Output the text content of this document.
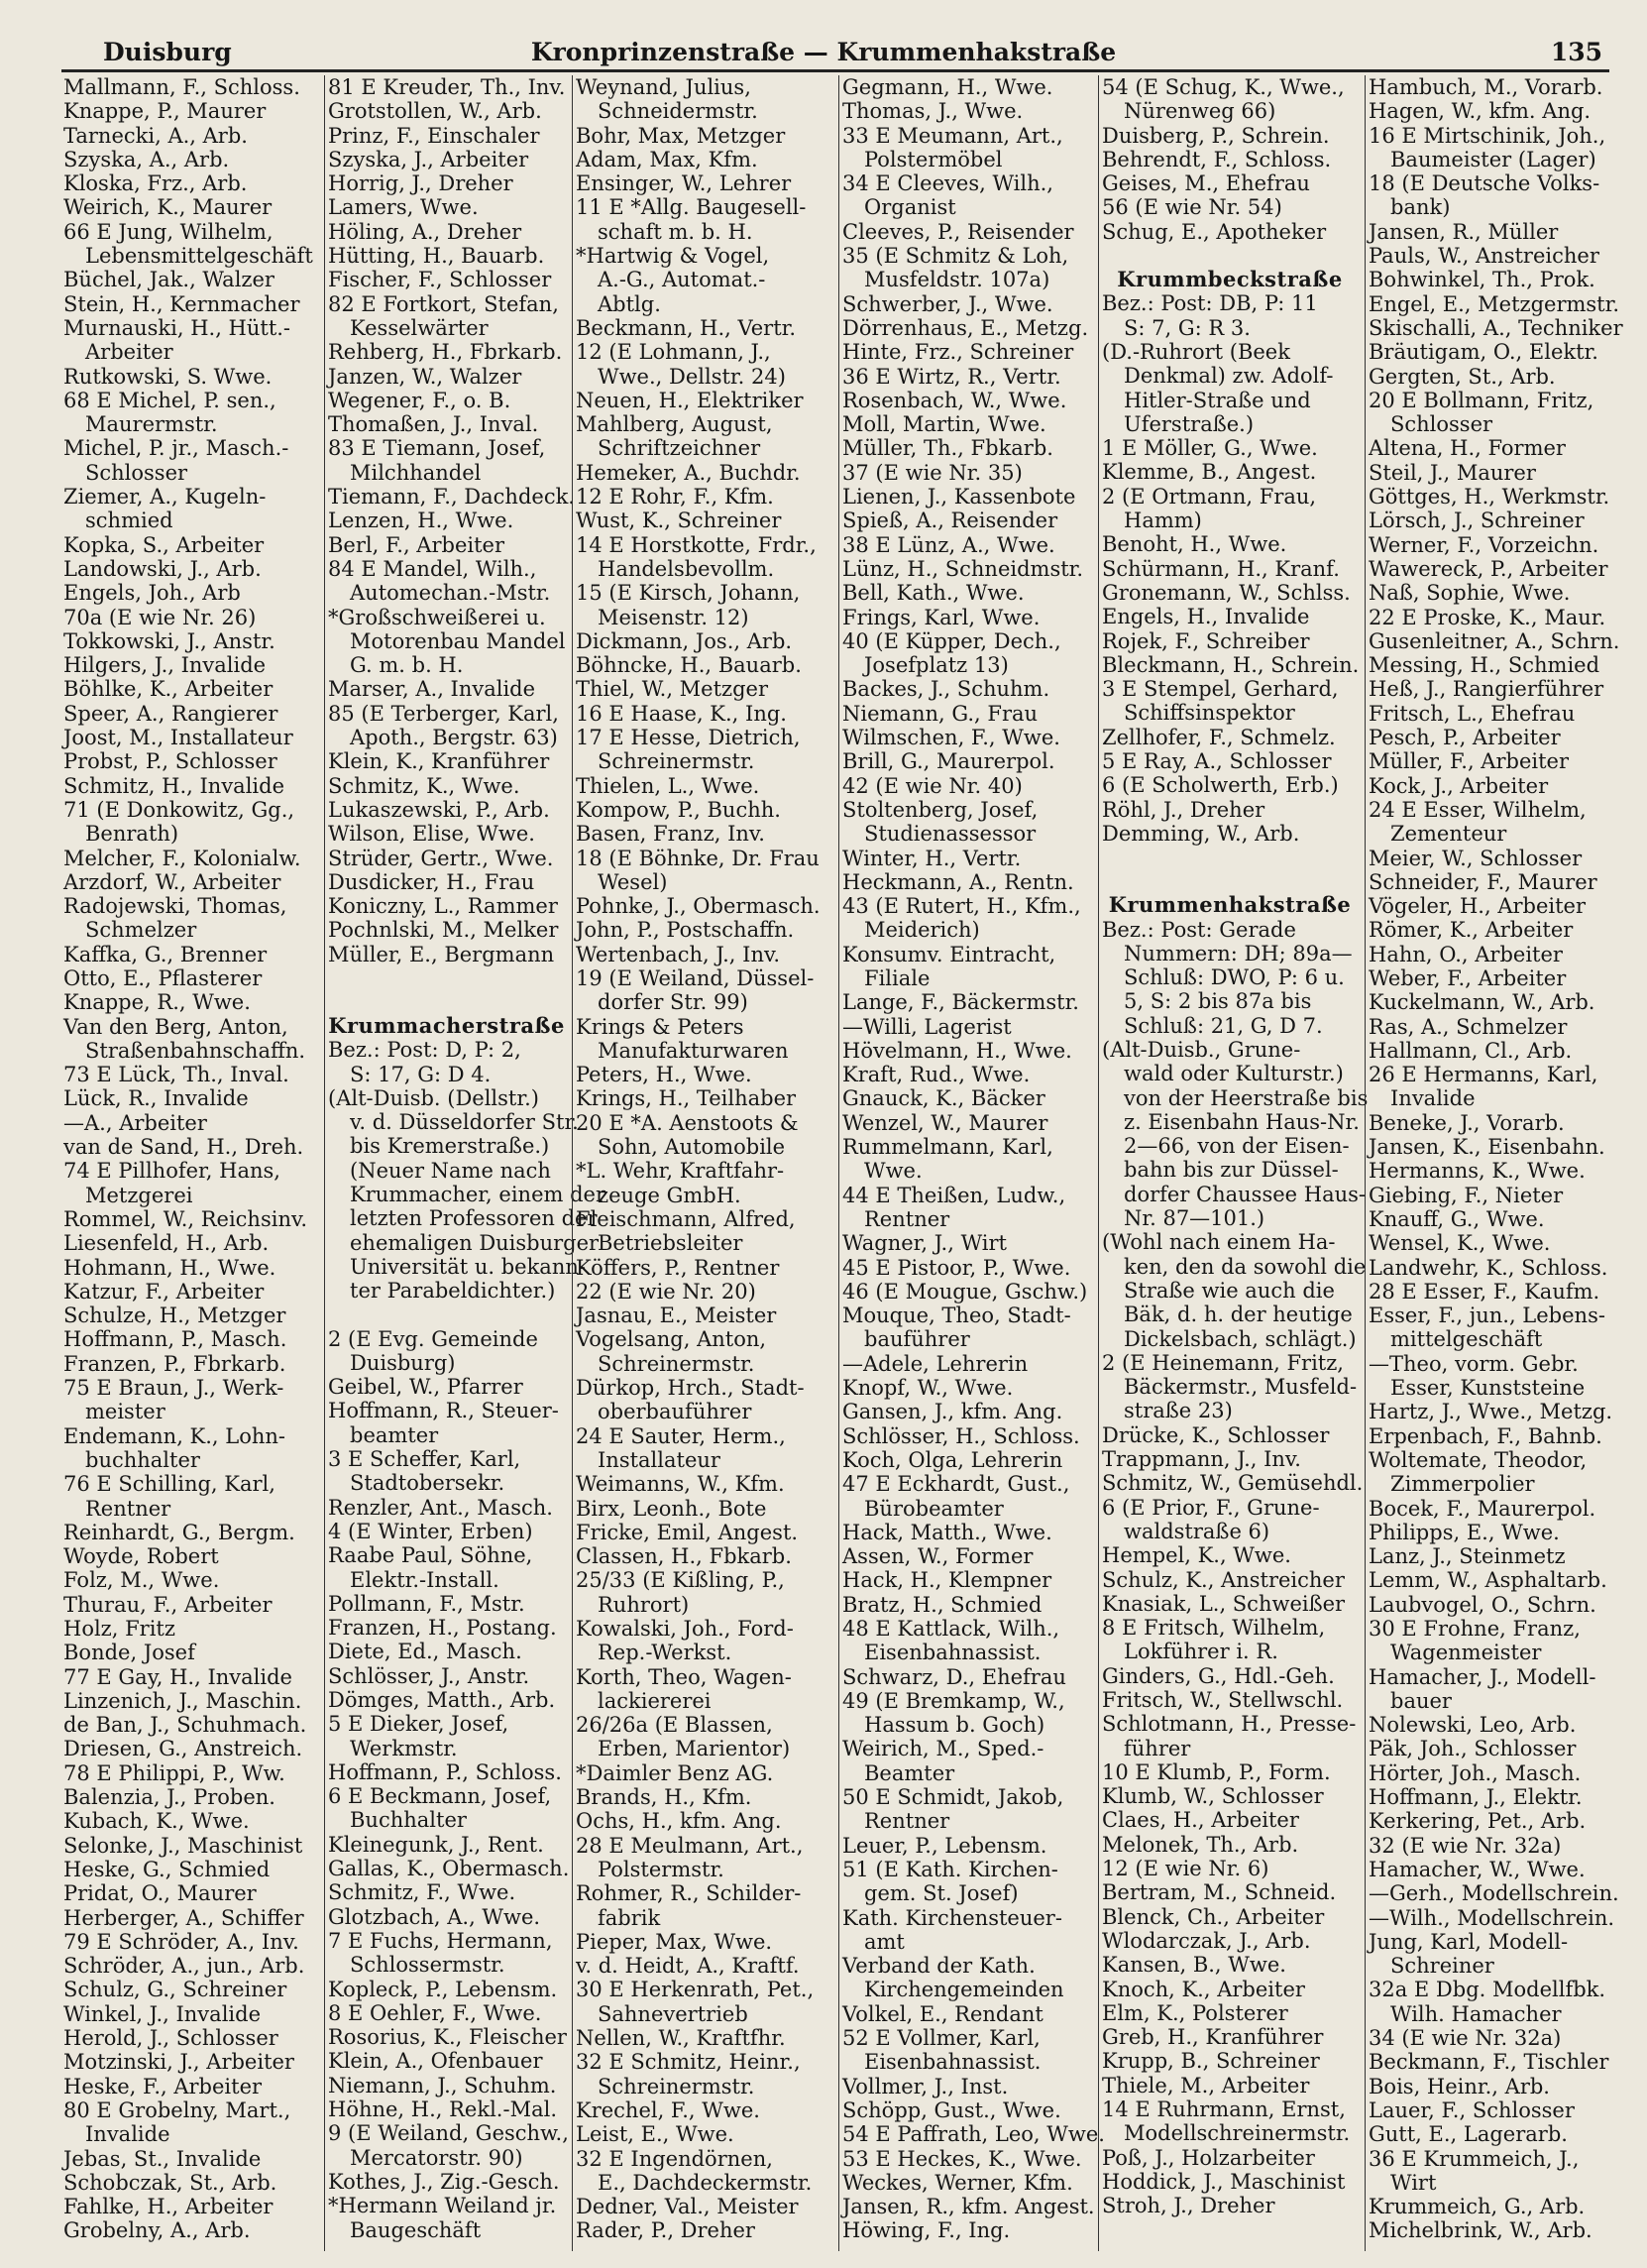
Duisburg	Kronprinzenstraße — Krummenhakstraße	135
Mallmann, F., Schloss.
Knappe, P., Maurer
Tarnecki, A., Arb.
Szyska, A., Arb.
Kloska, Frz., Arb.
Weirich, K., Maurer
66 E Jung, Wilhelm,
Lebensmittelgeschäft
Büchel, Jak., Walzer
Stein, H., Kernmacher
Murnauski, H., Hütt.-
Arbeiter
Rutkowski, S. Wwe.
68 E Michel, P. sen.,
Maurermstr.
Michel, P. jr., Masch.-
Schlosser
Ziemer, A., Kugeln-
schmied
Kopka, S., Arbeiter
Landowski, J., Arb.
Engels, Joh., Arb
70a (E wie Nr. 26)
Tokkowski, J., Anstr.
Hilgers, J., Invalide
Böhlke, K., Arbeiter
Speer, A., Rangierer
Joost, M., Installateur
Probst, P., Schlosser
Schmitz, H., Invalide
71 (E Donkowitz, Gg.,
Benrath)
Melcher, F., Kolonialw.
Arzdorf, W., Arbeiter
Radojewski, Thomas,
Schmelzer
Kaffka, G., Brenner
Otto, E., Pflasterer
Knappe, R., Wwe.
Van den Berg, Anton,
Straßenbahnschaffn.
73 E Lück, Th., Inval.
Lück, R., Invalide
—A., Arbeiter
van de Sand, H., Dreh.
74 E Pillhofer, Hans,
Metzgerei
Rommel, W., Reichsinv.
Liesenfeld, H., Arb.
Hohmann, H., Wwe.
Katzur, F., Arbeiter
Schulze, H., Metzger
Hoffmann, P., Masch.
Franzen, P., Fbrkarb.
75 E Braun, J., Werk-
meister
Endemann, K., Lohn-
buchhalter
76 E Schilling, Karl,
Rentner
Reinhardt, G., Bergm.
Woyde, Robert
Folz, M., Wwe.
Thurau, F., Arbeiter
Holz, Fritz
Bonde, Josef
77 E Gay, H., Invalide
Linzenich, J., Maschin.
de Ban, J., Schuhmach.
Driesen, G., Anstreich.
78 E Philippi, P., Ww.
Balenzia, J., Proben.
Kubach, K., Wwe.
Selonke, J., Maschinist
Heske, G., Schmied
Pridat, O., Maurer
Herberger, A., Schiffer
79 E Schröder, A., Inv.
Schröder, A., jun., Arb.
Schulz, G., Schreiner
Winkel, J., Invalide
Herold, J., Schlosser
Motzinski, J., Arbeiter
Heske, F., Arbeiter
80 E Grobelny, Mart.,
Invalide
Jebas, St., Invalide
Schobczak, St., Arb.
Fahlke, H., Arbeiter
Grobelny, A., Arb.
81 E Kreuder, Th., Inv.
Grotstollen, W., Arb.
Prinz, F., Einschaler
Szyska, J., Arbeiter
Horrig, J., Dreher
Lamers, Wwe.
Höling, A., Dreher
Hütting, H., Bauarb.
Fischer, F., Schlosser
82 E Fortkort, Stefan,
Kesselwärter
Rehberg, H., Fbrkarb.
Janzen, W., Walzer
Wegener, F., o. B.
Thomaßen, J., Inval.
83 E Tiemann, Josef,
Milchhandel
Tiemann, F., Dachdeck.
Lenzen, H., Wwe.
Berl, F., Arbeiter
84 E Mandel, Wilh.,
Automechan.-Mstr.
*Großschweißerei u.
Motorenbau Mandel
G. m. b. H.
Marser, A., Invalide
85 (E Terberger, Karl,
Apoth., Bergstr. 63)
Klein, K., Kranführer
Schmitz, K., Wwe.
Lukaszewski, P., Arb.
Wilson, Elise, Wwe.
Strüder, Gertr., Wwe.
Dusdicker, H., Frau
Koniczny, L., Rammer
Pochnlski, M., Melker
Müller, E., Bergmann
Krummacherstraße
Bez.: Post: D, P: 2,
S: 17, G: D 4.
(Alt-Duisb. (Dellstr.)
v. d. Düsseldorfer Str.
bis Kremerstraße.)
(Neuer Name nach
Krummacher, einem der
letzten Professoren der
ehemaligen Duisburger
Universität u. bekann-
ter Parabeldichter.)
2 (E Evg. Gemeinde
Duisburg)
Geibel, W., Pfarrer
Hoffmann, R., Steuer-
beamter
3 E Scheffer, Karl,
Stadtobersekr.
Renzler, Ant., Masch.
4 (E Winter, Erben)
Raabe Paul, Söhne,
Elektr.-Install.
Pollmann, F., Mstr.
Franzen, H., Postang.
Diete, Ed., Masch.
Schlösser, J., Anstr.
Dömges, Matth., Arb.
5 E Dieker, Josef,
Werkmstr.
Hoffmann, P., Schloss.
6 E Beckmann, Josef,
Buchhalter
Kleinegunk, J., Rent.
Gallas, K., Obermasch.
Schmitz, F., Wwe.
Glotzbach, A., Wwe.
7 E Fuchs, Hermann,
Schlossermstr.
Kopleck, P., Lebensm.
8 E Oehler, F., Wwe.
Rosorius, K., Fleischer
Klein, A., Ofenbauer
Niemann, J., Schuhm.
Höhne, H., Rekl.-Mal.
9 (E Weiland, Geschw.,
Mercatorstr. 90)
Kothes, J., Zig.-Gesch.
*Hermann Weiland jr.
Baugeschäft
Weynand, Julius,
Schneidermstr.
Bohr, Max, Metzger
Adam, Max, Kfm.
Ensinger, W., Lehrer
11 E *Allg. Baugesell-
schaft m. b. H.
*Hartwig & Vogel,
A.-G., Automat.-
Abtlg.
Beckmann, H., Vertr.
12 (E Lohmann, J.,
Wwe., Dellstr. 24)
Neuen, H., Elektriker
Mahlberg, August,
Schriftzeichner
Hemeker, A., Buchdr.
12 E Rohr, F., Kfm.
Wust, K., Schreiner
14 E Horstkotte, Frdr.,
Handelsbevollm.
15 (E Kirsch, Johann,
Meisenstr. 12)
Dickmann, Jos., Arb.
Böhncke, H., Bauarb.
Thiel, W., Metzger
16 E Haase, K., Ing.
17 E Hesse, Dietrich,
Schreinermstr.
Thielen, L., Wwe.
Kompow, P., Buchh.
Basen, Franz, Inv.
18 (E Böhnke, Dr. Frau
Wesel)
Pohnke, J., Obermasch.
John, P., Postschaffn.
Wertenbach, J., Inv.
19 (E Weiland, Düssel-
dorfer Str. 99)
Krings & Peters
Manufakturwaren
Peters, H., Wwe.
Krings, H., Teilhaber
20 E *A. Aenstoots &
Sohn, Automobile
*L. Wehr, Kraftfahr-
zeuge GmbH.
Fleischmann, Alfred,
Betriebsleiter
Köffers, P., Rentner
22 (E wie Nr. 20)
Jasnau, E., Meister
Vogelsang, Anton,
Schreinermstr.
Dürkop, Hrch., Stadt-
oberbauführer
24 E Sauter, Herm.,
Installateur
Weimanns, W., Kfm.
Birx, Leonh., Bote
Fricke, Emil, Angest.
Classen, H., Fbkarb.
25/33 (E Kißling, P.,
Ruhrort)
Kowalski, Joh., Ford-
Rep.-Werkst.
Korth, Theo, Wagen-
lackiererei
26/26a (E Blassen,
Erben, Marientor)
*Daimler Benz AG.
Brands, H., Kfm.
Ochs, H., kfm. Ang.
28 E Meulmann, Art.,
Polstermstr.
Rohmer, R., Schilder-
fabrik
Pieper, Max, Wwe.
v. d. Heidt, A., Kraftf.
30 E Herkenrath, Pet.,
Sahnevertrieb
Nellen, W., Kraftfhr.
32 E Schmitz, Heinr.,
Schreinermstr.
Krechel, F., Wwe.
Leist, E., Wwe.
32 E Ingendörnen,
E., Dachdeckermstr.
Dedner, Val., Meister
Rader, P., Dreher
Gegmann, H., Wwe.
Thomas, J., Wwe.
33 E Meumann, Art.,
Polstermöbel
34 E Cleeves, Wilh.,
Organist
Cleeves, P., Reisender
35 (E Schmitz & Loh,
Musfeldstr. 107a)
Schwerber, J., Wwe.
Dörrenhaus, E., Metzg.
Hinte, Frz., Schreiner
36 E Wirtz, R., Vertr.
Rosenbach, W., Wwe.
Moll, Martin, Wwe.
Müller, Th., Fbkarb.
37 (E wie Nr. 35)
Lienen, J., Kassenbote
Spieß, A., Reisender
38 E Lünz, A., Wwe.
Lünz, H., Schneidmstr.
Bell, Kath., Wwe.
Frings, Karl, Wwe.
40 (E Küpper, Dech.,
Josefplatz 13)
Backes, J., Schuhm.
Niemann, G., Frau
Wilmschen, F., Wwe.
Brill, G., Maurerpol.
42 (E wie Nr. 40)
Stoltenberg, Josef,
Studienassessor
Winter, H., Vertr.
Heckmann, A., Rentn.
43 (E Rutert, H., Kfm.,
Meiderich)
Konsumv. Eintracht,
Filiale
Lange, F., Bäckermstr.
—Willi, Lagerist
Hövelmann, H., Wwe.
Kraft, Rud., Wwe.
Gnauck, K., Bäcker
Wenzel, W., Maurer
Rummelmann, Karl,
Wwe.
44 E Theißen, Ludw.,
Rentner
Wagner, J., Wirt
45 E Pistoor, P., Wwe.
46 (E Mougue, Gschw.)
Mouque, Theo, Stadt-
bauführer
—Adele, Lehrerin
Knopf, W., Wwe.
Gansen, J., kfm. Ang.
Schlösser, H., Schloss.
Koch, Olga, Lehrerin
47 E Eckhardt, Gust.,
Bürobeamter
Hack, Matth., Wwe.
Assen, W., Former
Hack, H., Klempner
Bratz, H., Schmied
48 E Kattlack, Wilh.,
Eisenbahnassist.
Schwarz, D., Ehefrau
49 (E Bremkamp, W.,
Hassum b. Goch)
Weirich, M., Sped.-
Beamter
50 E Schmidt, Jakob,
Rentner
Leuer, P., Lebensm.
51 (E Kath. Kirchen-
gem. St. Josef)
Kath. Kirchensteuer-
amt
Verband der Kath.
Kirchengemeinden
Volkel, E., Rendant
52 E Vollmer, Karl,
Eisenbahnassist.
Vollmer, J., Inst.
Schöpp, Gust., Wwe.
54 E Paffrath, Leo, Wwe.
53 E Heckes, K., Wwe.
Weckes, Werner, Kfm.
Jansen, R., kfm. Angest.
Höwing, F., Ing.
54 (E Schug, K., Wwe.,
Nürenweg 66)
Duisberg, P., Schrein.
Behrendt, F., Schloss.
Geises, M., Ehefrau
56 (E wie Nr. 54)
Schug, E., Apotheker
Krummbeckstraße
Bez.: Post: DB, P: 11
S: 7, G: R 3.
(D.-Ruhrort (Beek
Denkmal) zw. Adolf-
Hitler-Straße und
Uferstraße.)
1 E Möller, G., Wwe.
Klemme, B., Angest.
2 (E Ortmann, Frau,
Hamm)
Benoht, H., Wwe.
Schürmann, H., Kranf.
Gronemann, W., Schlss.
Engels, H., Invalide
Rojek, F., Schreiber
Bleckmann, H., Schrein.
3 E Stempel, Gerhard,
Schiffsinspektor
Zellhofer, F., Schmelz.
5 E Ray, A., Schlosser
6 (E Scholwerth, Erb.)
Röhl, J., Dreher
Demming, W., Arb.
Krummenhakstraße
Bez.: Post: Gerade
Nummern: DH; 89a—
Schluß: DWO, P: 6 u.
5, S: 2 bis 87a bis
Schluß: 21, G, D 7.
(Alt-Duisb., Grune-
wald oder Kulturstr.)
von der Heerstraße bis
z. Eisenbahn Haus-Nr.
2—66, von der Eisen-
bahn bis zur Düssel-
dorfer Chaussee Haus-
Nr. 87—101.)
(Wohl nach einem Ha-
ken, den da sowohl die
Straße wie auch die
Bäk, d. h. der heutige
Dickelsbach, schlägt.)
2 (E Heinemann, Fritz,
Bäckermstr., Musfeld-
straße 23)
Drücke, K., Schlosser
Trappmann, J., Inv.
Schmitz, W., Gemüsehdl.
6 (E Prior, F., Grune-
waldstraße 6)
Hempel, K., Wwe.
Schulz, K., Anstreicher
Knasiak, L., Schweißer
8 E Fritsch, Wilhelm,
Lokführer i. R.
Ginders, G., Hdl.-Geh.
Fritsch, W., Stellwschl.
Schlotmann, H., Presse-
führer
10 E Klumb, P., Form.
Klumb, W., Schlosser
Claes, H., Arbeiter
Melonek, Th., Arb.
12 (E wie Nr. 6)
Bertram, M., Schneid.
Blenck, Ch., Arbeiter
Wlodarczak, J., Arb.
Kansen, B., Wwe.
Knoch, K., Arbeiter
Elm, K., Polsterer
Greb, H., Kranführer
Krupp, B., Schreiner
Thiele, M., Arbeiter
14 E Ruhrmann, Ernst,
Modellschreinermstr.
Poß, J., Holzarbeiter
Hoddick, J., Maschinist
Stroh, J., Dreher
Hambuch, M., Vorarb.
Hagen, W., kfm. Ang.
16 E Mirtschinik, Joh.,
Baumeister (Lager)
18 (E Deutsche Volks-
bank)
Jansen, R., Müller
Pauls, W., Anstreicher
Bohwinkel, Th., Prok.
Engel, E., Metzgermstr.
Skischalli, A., Techniker
Bräutigam, O., Elektr.
Gergten, St., Arb.
20 E Bollmann, Fritz,
Schlosser
Altena, H., Former
Steil, J., Maurer
Göttges, H., Werkmstr.
Lörsch, J., Schreiner
Werner, F., Vorzeichn.
Wawereck, P., Arbeiter
Naß, Sophie, Wwe.
22 E Proske, K., Maur.
Gusenleitner, A., Schrn.
Messing, H., Schmied
Heß, J., Rangierführer
Fritsch, L., Ehefrau
Pesch, P., Arbeiter
Müller, F., Arbeiter
Kock, J., Arbeiter
24 E Esser, Wilhelm,
Zementeur
Meier, W., Schlosser
Schneider, F., Maurer
Vögeler, H., Arbeiter
Römer, K., Arbeiter
Hahn, O., Arbeiter
Weber, F., Arbeiter
Kuckelmann, W., Arb.
Ras, A., Schmelzer
Hallmann, Cl., Arb.
26 E Hermanns, Karl,
Invalide
Beneke, J., Vorarb.
Jansen, K., Eisenbahn.
Hermanns, K., Wwe.
Giebing, F., Nieter
Knauff, G., Wwe.
Wensel, K., Wwe.
Landwehr, K., Schloss.
28 E Esser, F., Kaufm.
Esser, F., jun., Lebens-
mittelgeschäft
—Theo, vorm. Gebr.
Esser, Kunststeine
Hartz, J., Wwe., Metzg.
Erpenbach, F., Bahnb.
Woltemate, Theodor,
Zimmerpolier
Bocek, F., Maurerpol.
Philipps, E., Wwe.
Lanz, J., Steinmetz
Lemm, W., Asphaltarb.
Laubvogel, O., Schrn.
30 E Frohne, Franz,
Wagenmeister
Hamacher, J., Modell-
bauer
Nolewski, Leo, Arb.
Päk, Joh., Schlosser
Hörter, Joh., Masch.
Hoffmann, J., Elektr.
Kerkering, Pet., Arb.
32 (E wie Nr. 32a)
Hamacher, W., Wwe.
—Gerh., Modellschrein.
—Wilh., Modellschrein.
Jung, Karl, Modell-
Schreiner
32a E Dbg. Modellfbk.
Wilh. Hamacher
34 (E wie Nr. 32a)
Beckmann, F., Tischler
Bois, Heinr., Arb.
Lauer, F., Schlosser
Gutt, E., Lagerarb.
36 E Krummeich, J.,
Wirt
Krummeich, G., Arb.
Michelbrink, W., Arb.
